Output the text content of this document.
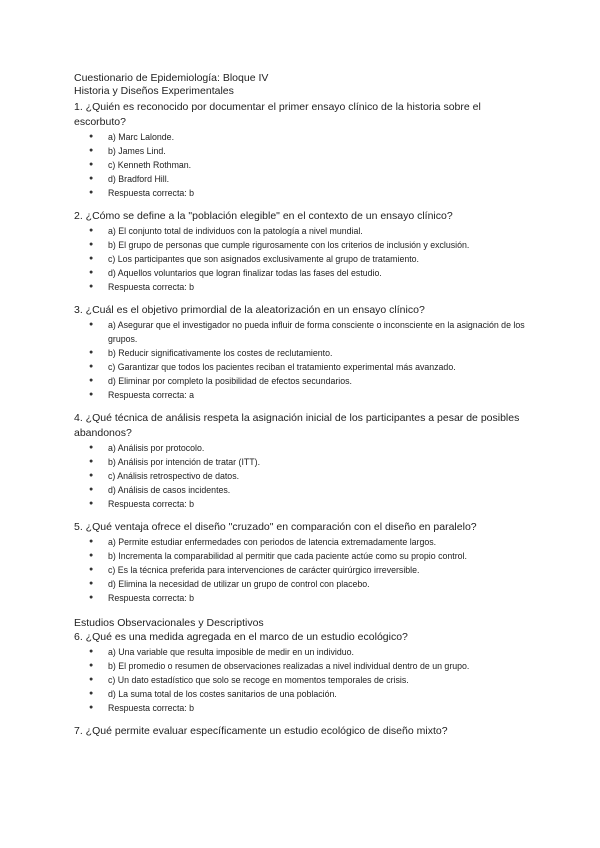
Cuestionario de Epidemiología: Bloque IV
Historia y Diseños Experimentales
1. ¿Quién es reconocido por documentar el primer ensayo clínico de la historia sobre el escorbuto?
● a) Marc Lalonde.
● b) James Lind.
● c) Kenneth Rothman.
● d) Bradford Hill.
● Respuesta correcta: b
2. ¿Cómo se define a la "población elegible" en el contexto de un ensayo clínico?
● a) El conjunto total de individuos con la patología a nivel mundial.
● b) El grupo de personas que cumple rigurosamente con los criterios de inclusión y exclusión.
● c) Los participantes que son asignados exclusivamente al grupo de tratamiento.
● d) Aquellos voluntarios que logran finalizar todas las fases del estudio.
● Respuesta correcta: b
3. ¿Cuál es el objetivo primordial de la aleatorización en un ensayo clínico?
● a) Asegurar que el investigador no pueda influir de forma consciente o inconsciente en la asignación de los grupos.
● b) Reducir significativamente los costes de reclutamiento.
● c) Garantizar que todos los pacientes reciban el tratamiento experimental más avanzado.
● d) Eliminar por completo la posibilidad de efectos secundarios.
● Respuesta correcta: a
4. ¿Qué técnica de análisis respeta la asignación inicial de los participantes a pesar de posibles abandonos?
● a) Análisis por protocolo.
● b) Análisis por intención de tratar (ITT).
● c) Análisis retrospectivo de datos.
● d) Análisis de casos incidentes.
● Respuesta correcta: b
5. ¿Qué ventaja ofrece el diseño "cruzado" en comparación con el diseño en paralelo?
● a) Permite estudiar enfermedades con periodos de latencia extremadamente largos.
● b) Incrementa la comparabilidad al permitir que cada paciente actúe como su propio control.
● c) Es la técnica preferida para intervenciones de carácter quirúrgico irreversible.
● d) Elimina la necesidad de utilizar un grupo de control con placebo.
● Respuesta correcta: b
Estudios Observacionales y Descriptivos
6. ¿Qué es una medida agregada en el marco de un estudio ecológico?
● a) Una variable que resulta imposible de medir en un individuo.
● b) El promedio o resumen de observaciones realizadas a nivel individual dentro de un grupo.
● c) Un dato estadístico que solo se recoge en momentos temporales de crisis.
● d) La suma total de los costes sanitarios de una población.
● Respuesta correcta: b
7. ¿Qué permite evaluar específicamente un estudio ecológico de diseño mixto?
